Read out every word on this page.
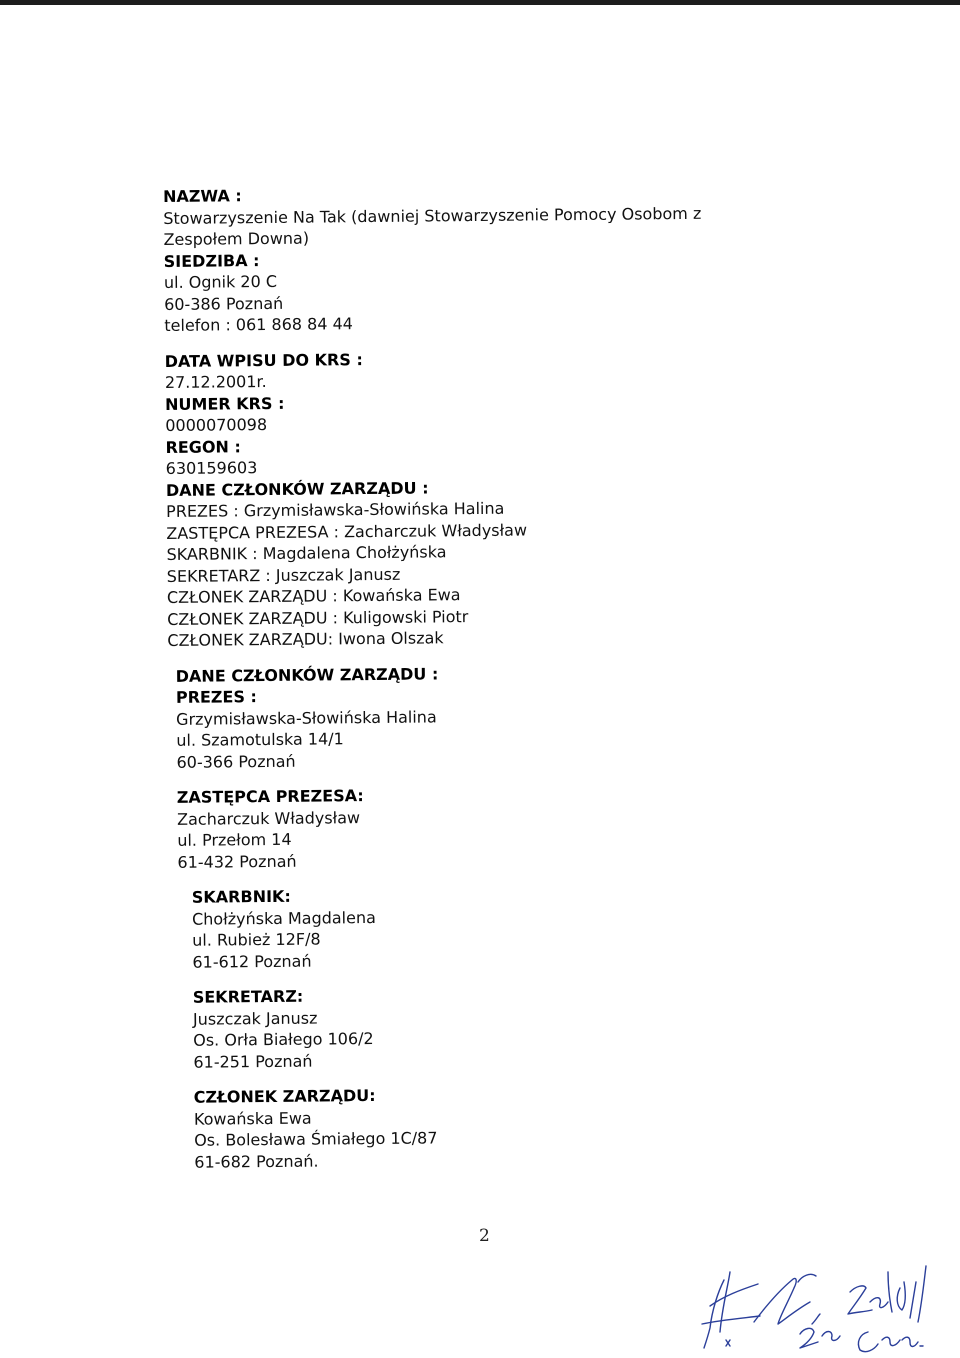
NAZWA :

Stowarzyszenie Na Tak (dawniej Stowarzyszenie Pomocy Osobom z Zespołem Downa)

SIEDZIBA :

ul. Ognik 20 C

60-386 Poznań

telefon : 061 868 84 44

DATA WPISU DO KRS :

27.12.2001r.

NUMER KRS :

0000070098

REGON :

630159603

DANE CZŁONKÓW ZARZĄDU :

PREZES : Grzymisławska-Słowińska Halina

ZASTĘPCA PREZESA : Zacharczuk Władysław

SKARBNIK : Magdalena Chołżyńska

SEKRETARZ : Juszczak Janusz

CZŁONEK ZARZĄDU : Kowańska Ewa

CZŁONEK ZARZĄDU : Kuligowski Piotr

CZŁONEK ZARZĄDU: Iwona Olszak

DANE CZŁONKÓW ZARZĄDU :

PREZES :

Grzymisławska-Słowińska Halina

ul. Szamotulska 14/1

60-366 Poznań

ZASTĘPCA PREZESA:

Zacharczuk Władysław

ul. Przełom 14

61-432 Poznań

SKARBNIK:

Chołżyńska Magdalena

ul. Rubież 12F/8

61-612 Poznań

SEKRETARZ:

Juszczak Janusz

Os. Orła Białego 106/2

61-251 Poznań

CZŁONEK ZARZĄDU:

Kowańska Ewa

Os. Bolesława Śmiałego 1C/87

61-682 Poznań.

2
